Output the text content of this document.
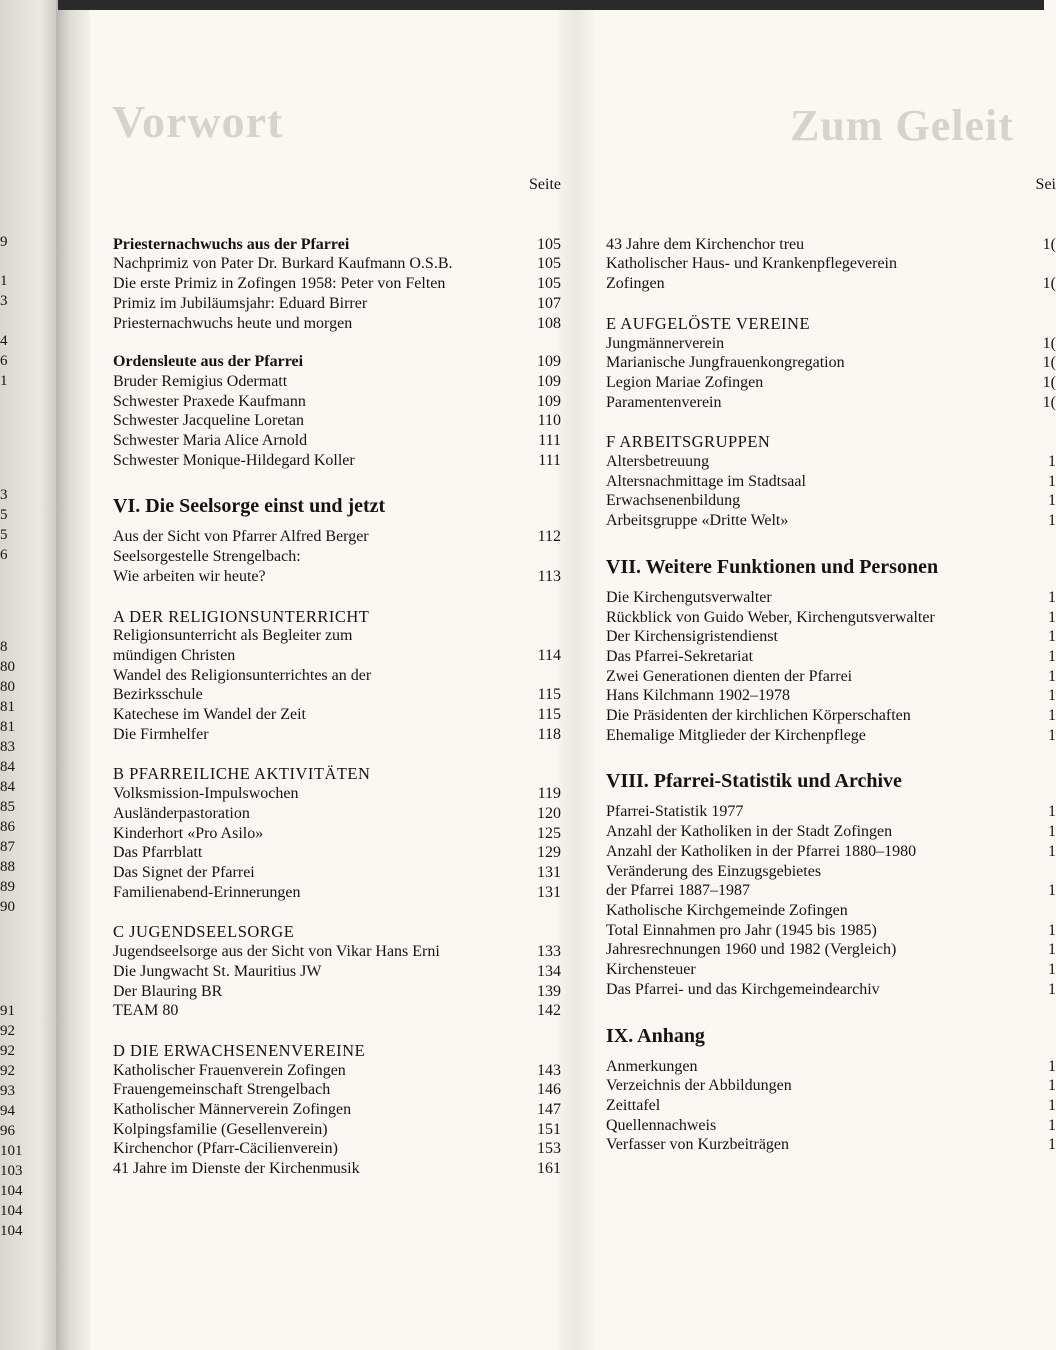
Vorwort	Zum Geleit
9
1
3
4
6
1
3
5
5
6
8
80
80
81
81
83
84
84
85
86
87
88
89
90
91
92
92
92
93
94
96
101
103
104
104
104
Seite
Priesternachwuchs aus der Pfarrei	105
Nachprimiz von Pater Dr. Burkard Kaufmann O.S.B.	105
Die erste Primiz in Zofingen 1958: Peter von Felten	105
Primiz im Jubiläumsjahr: Eduard Birrer	107
Priesternachwuchs heute und morgen	108
Ordensleute aus der Pfarrei	109
Bruder Remigius Odermatt	109
Schwester Praxede Kaufmann	109
Schwester Jacqueline Loretan	110
Schwester Maria Alice Arnold	111
Schwester Monique-Hildegard Koller	111
VI. Die Seelsorge einst und jetzt
Aus der Sicht von Pfarrer Alfred Berger	112
Seelsorgestelle Strengelbach:
Wie arbeiten wir heute?	113
A DER RELIGIONSUNTERRICHT
Religionsunterricht als Begleiter zum
mündigen Christen	114
Wandel des Religionsunterrichtes an der
Bezirksschule	115
Katechese im Wandel der Zeit	115
Die Firmhelfer	118
B PFARREILICHE AKTIVITÄTEN
Volksmission-Impulswochen	119
Ausländerpastoration	120
Kinderhort «Pro Asilo»	125
Das Pfarrblatt	129
Das Signet der Pfarrei	131
Familienabend-Erinnerungen	131
C JUGENDSEELSORGE
Jugendseelsorge aus der Sicht von Vikar Hans Erni	133
Die Jungwacht St. Mauritius JW	134
Der Blauring BR	139
TEAM 80	142
D DIE ERWACHSENENVEREINE
Katholischer Frauenverein Zofingen	143
Frauengemeinschaft Strengelbach	146
Katholischer Männerverein Zofingen	147
Kolpingsfamilie (Gesellenverein)	151
Kirchenchor (Pfarr-Cäcilienverein)	153
41 Jahre im Dienste der Kirchenmusik	161
Sei
43 Jahre dem Kirchenchor treu	1(
Katholischer Haus- und Krankenpflegeverein
Zofingen	1(
E AUFGELÖSTE VEREINE
Jungmännerverein	1(
Marianische Jungfrauenkongregation	1(
Legion Mariae Zofingen	1(
Paramentenverein	1(
F ARBEITSGRUPPEN
Altersbetreuung	1
Altersnachmittage im Stadtsaal	1
Erwachsenenbildung	1
Arbeitsgruppe «Dritte Welt»	1
VII. Weitere Funktionen und Personen
Die Kirchengutsverwalter	1
Rückblick von Guido Weber, Kirchengutsverwalter	1
Der Kirchensigristendienst	1
Das Pfarrei-Sekretariat	1
Zwei Generationen dienten der Pfarrei	1
Hans Kilchmann 1902–1978	1
Die Präsidenten der kirchlichen Körperschaften	1
Ehemalige Mitglieder der Kirchenpflege	1
VIII. Pfarrei-Statistik und Archive
Pfarrei-Statistik 1977	1
Anzahl der Katholiken in der Stadt Zofingen	1
Anzahl der Katholiken in der Pfarrei 1880–1980	1
Veränderung des Einzugsgebietes
der Pfarrei 1887–1987	1
Katholische Kirchgemeinde Zofingen
Total Einnahmen pro Jahr (1945 bis 1985)	1
Jahresrechnungen 1960 und 1982 (Vergleich)	1
Kirchensteuer	1
Das Pfarrei- und das Kirchgemeindearchiv	1
IX. Anhang
Anmerkungen	1
Verzeichnis der Abbildungen	1
Zeittafel	1
Quellennachweis	1
Verfasser von Kurzbeiträgen	1
